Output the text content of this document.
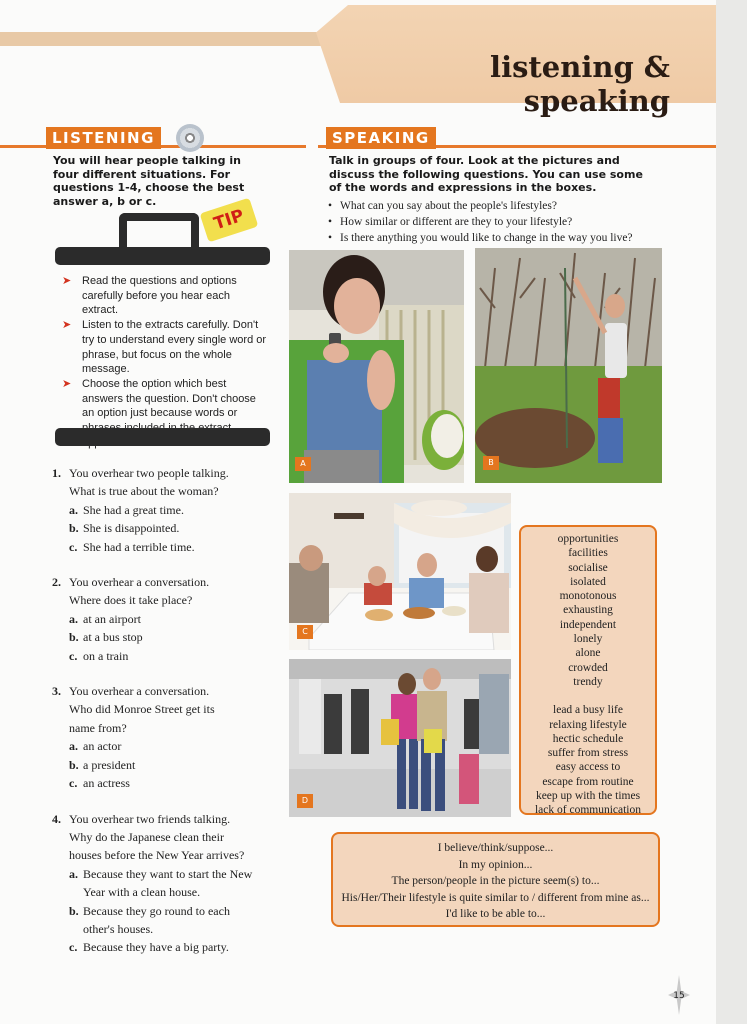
listening & speaking
LISTENING	SPEAKING
You will hear people talking in four different situations. For questions 1-4, choose the best answer a, b or c.
Talk in groups of four. Look at the pictures and discuss the following questions. You can use some of the words and expressions in the boxes.
• What can you say about the people's lifestyles?
• How similar or different are they to your lifestyle?
• Is there anything you would like to change in the way you live?
TIP
➤ Read the questions and options carefully before you hear each extract.
➤ Listen to the extracts carefully. Don't try to understand every single word or phrase, but focus on the whole message.
➤ Choose the option which best answers the question. Don't choose an option just because words or
1. You overhear two people talking.
What is true about the woman?
a. She had a great time.
b. She is disappointed.
c. She had a terrible time.
2. You overhear a conversation.
Where does it take place?
a. at an airport
b. at a bus stop
c. on a train
3. You overhear a conversation.
Who did Monroe Street get its
name from?
a. an actor
b. a president
c. an actress
4. You overhear two friends talking.
Why do the Japanese clean their
houses before the New Year arrives?
a. Because they want to start the New Year with a clean house.
b. Because they go round to each other's houses.
c. Because they have a big party.
A	B
C
D
opportunities
facilities
socialise
isolated
monotonous
exhausting
independent
lonely
alone
crowded
trendy
lead a busy life
relaxing lifestyle
hectic schedule
suffer from stress
easy access to
escape from routine
keep up with the times
lack of communication
I believe/think/suppose...
In my opinion...
The person/people in the picture seem(s) to...
His/Her/Their lifestyle is quite similar to / different from mine as...
I'd like to be able to...
15
